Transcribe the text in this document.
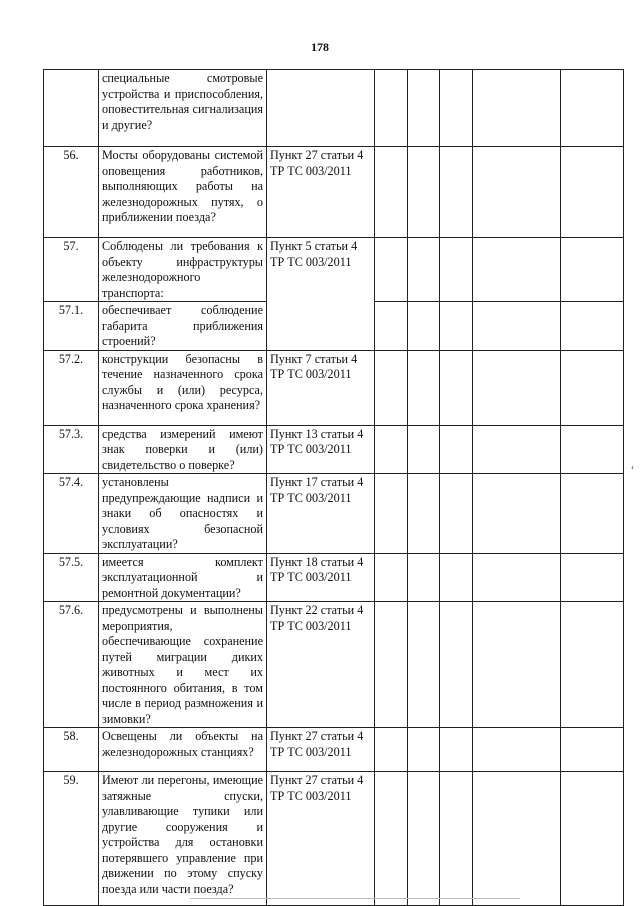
178
	специальные смотровые устройства и приспособления, оповестительная сигнализация и другие?						
56.	Мосты оборудованы системой оповещения работников, выполняющих работы на железнодорожных путях, о приближении поезда?	Пункт 27 статьи 4 ТР ТС 003/2011					
57.	Соблюдены ли требования к объекту инфраструктуры железнодорожного транспорта:	Пункт 5 статьи 4 ТР ТС 003/2011					
57.1.	обеспечивает соблюдение габарита приближения строений?						
57.2.	конструкции безопасны в течение назначенного срока службы и (или) ресурса, назначенного срока хранения?	Пункт 7 статьи 4 ТР ТС 003/2011					
57.3.	средства измерений имеют знак поверки и (или) свидетельство о поверке?	Пункт 13 статьи 4 ТР ТС 003/2011					
57.4.	установлены предупреждающие надписи и знаки об опасностях и условиях безопасной эксплуатации?	Пункт 17 статьи 4 ТР ТС 003/2011					
57.5.	имеется комплект эксплуатационной и ремонтной документации?	Пункт 18 статьи 4 ТР ТС 003/2011					
57.6.	предусмотрены и выполнены мероприятия, обеспечивающие сохранение путей миграции диких животных и мест их постоянного обитания, в том числе в период размножения и зимовки?	Пункт 22 статьи 4 ТР ТС 003/2011					
58.	Освещены ли объекты на железнодорожных станциях?	Пункт 27 статьи 4 ТР ТС 003/2011					
59.	Имеют ли перегоны, имеющие затяжные спуски, улавливающие тупики или другие сооружения и устройства для остановки потерявшего управление при движении по этому спуску поезда или части поезда?	Пункт 27 статьи 4 ТР ТС 003/2011					
‹
